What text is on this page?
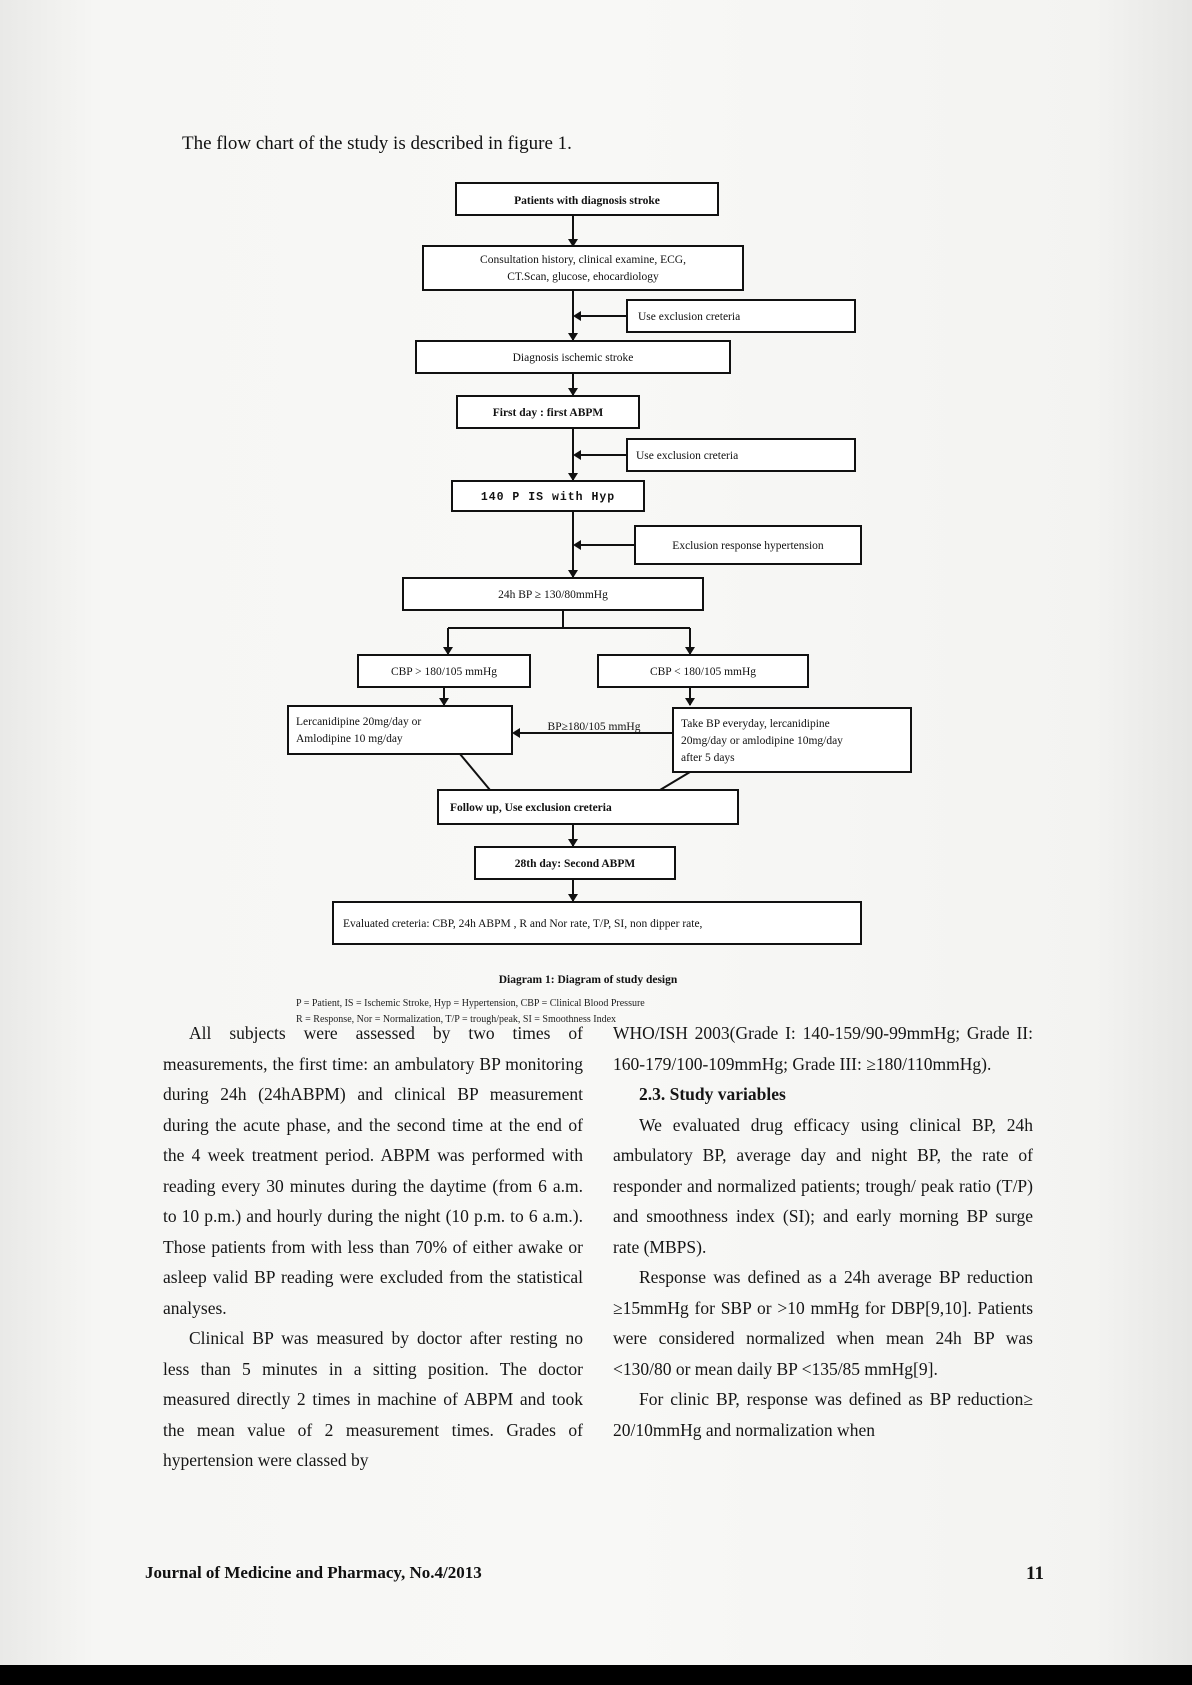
The flow chart of the study is described in figure 1.
Patients with diagnosis stroke
Consultation history, clinical examine, ECG,
CT.Scan, glucose, ehocardiology
Use exclusion creteria
Diagnosis ischemic stroke
First day : first ABPM
Use exclusion creteria
140 P IS with Hyp
Exclusion response hypertension
24h BP ≥ 130/80mmHg
CBP > 180/105 mmHg	CBP < 180/105 mmHg
Lercanidipine 20mg/day or
Amlodipine 10 mg/day
Take BP everyday, lercanidipine
20mg/day or amlodipine 10mg/day
after 5 days
BP≥180/105 mmHg
Follow up, Use exclusion creteria
28th day: Second ABPM
Evaluated creteria: CBP, 24h ABPM , R and Nor rate, T/P, SI, non dipper rate,
Diagram 1: Diagram of study design
P = Patient, IS = Ischemic Stroke, Hyp = Hypertension, CBP = Clinical Blood Pressure
R = Response, Nor = Normalization, T/P = trough/peak, SI = Smoothness Index

All subjects were assessed by two times of measurements, the first time: an ambulatory BP monitoring during 24h (24hABPM) and clinical BP measurement during the acute phase, and the second time at the end of the 4 week treatment period. ABPM was performed with reading every 30 minutes during the daytime (from 6 a.m. to 10 p.m.) and hourly during the night (10 p.m. to 6 a.m.). Those patients from with less than 70% of either awake or asleep valid BP reading were excluded from the statistical analyses.

Clinical BP was measured by doctor after resting no less than 5 minutes in a sitting position. The doctor measured directly 2 times in machine of ABPM and took the mean value of 2 measurement times. Grades of hypertension were classed by

WHO/ISH 2003(Grade I: 140-159/90-99mmHg; Grade II: 160-179/100-109mmHg; Grade III: ≥180/110mmHg).

2.3. Study variables

We evaluated drug efficacy using clinical BP, 24h ambulatory BP, average day and night BP, the rate of responder and normalized patients; trough/ peak ratio (T/P) and smoothness index (SI); and early morning BP surge rate (MBPS).

Response was defined as a 24h average BP reduction ≥15mmHg for SBP or >10 mmHg for DBP[9,10]. Patients were considered normalized when mean 24h BP was <130/80 or mean daily BP <135/85 mmHg[9].

For clinic BP, response was defined as BP reduction≥ 20/10mmHg and normalization when

Journal of Medicine and Pharmacy, No.4/2013	11
